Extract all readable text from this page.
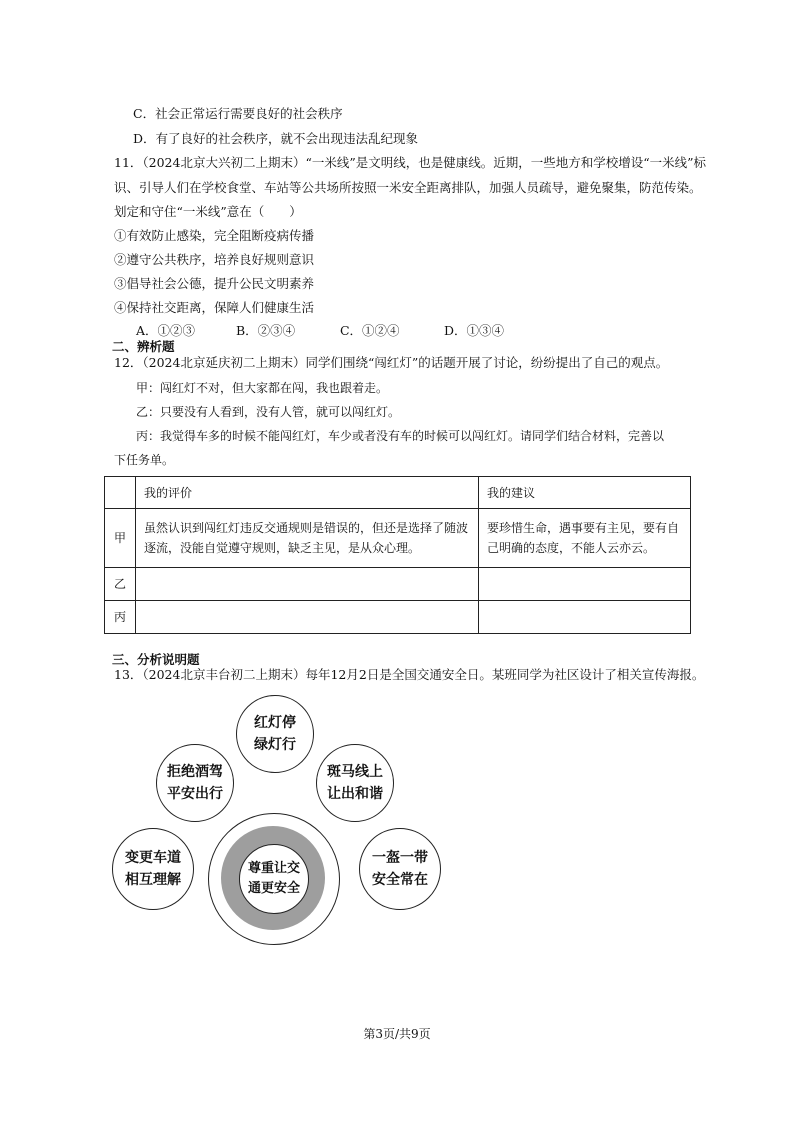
C．社会正常运行需要良好的社会秩序
D．有了良好的社会秩序，就不会出现违法乱纪现象
11．（2024北京大兴初二上期末）“一米线”是文明线，也是健康线。近期，一些地方和学校增设“一米线”标
识、引导人们在学校食堂、车站等公共场所按照一米安全距离排队，加强人员疏导，避免聚集，防范传染。
划定和守住“一米线”意在（　　）
①有效防止感染，完全阻断疫病传播
②遵守公共秩序，培养良好规则意识
③倡导社会公德，提升公民文明素养
④保持社交距离，保障人们健康生活
A．①②③	B．②③④	C．①②④	D．①③④
二、辨析题
12．（2024北京延庆初二上期末）同学们围绕“闯红灯”的话题开展了讨论，纷纷提出了自己的观点。
甲：闯红灯不对，但大家都在闯，我也跟着走。
乙：只要没有人看到，没有人管，就可以闯红灯。
丙：我觉得车多的时候不能闯红灯，车少或者没有车的时候可以闯红灯。请同学们结合材料，完善以
下任务单。
	我的评价	我的建议
甲	虽然认识到闯红灯违反交通规则是错误的，但还是选择了随波逐流，没能自觉遵守规则，缺乏主见，是从众心理。	要珍惜生命，遇事要有主见，要有自己明确的态度，不能人云亦云。
乙		
丙		
三、分析说明题
13．（2024北京丰台初二上期末）每年12月2日是全国交通安全日。某班同学为社区设计了相关宣传海报。
尊重让交
通更安全
红灯停
绿灯行
拒绝酒驾
平安出行
斑马线上
让出和谐
变更车道
相互理解
一盔一带
安全常在
第3页/共9页
